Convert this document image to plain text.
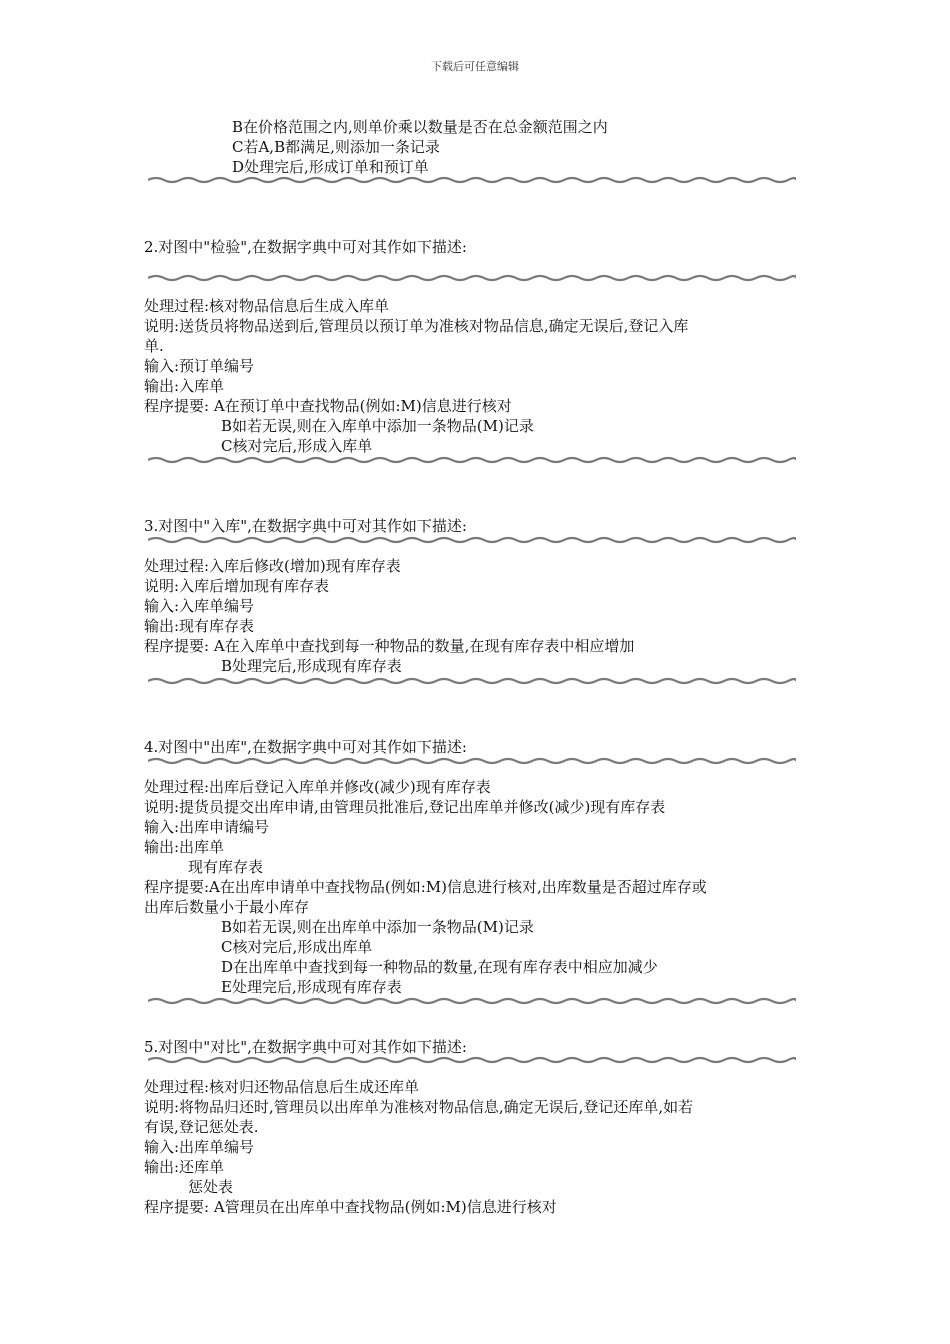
下载后可任意编辑
B在价格范围之内,则单价乘以数量是否在总金额范围之内
C若A,B都满足,则添加一条记录
D处理完后,形成订单和预订单
2.对图中"检验",在数据字典中可对其作如下描述:
处理过程:核对物品信息后生成入库单
说明:送货员将物品送到后,管理员以预订单为准核对物品信息,确定无误后,登记入库
单.
输入:预订单编号
输出:入库单
程序提要: A在预订单中查找物品(例如:M)信息进行核对
B如若无误,则在入库单中添加一条物品(M)记录
C核对完后,形成入库单
3.对图中"入库",在数据字典中可对其作如下描述:
处理过程:入库后修改(增加)现有库存表
说明:入库后增加现有库存表
输入:入库单编号
输出:现有库存表
程序提要: A在入库单中查找到每一种物品的数量,在现有库存表中相应增加
B处理完后,形成现有库存表
4.对图中"出库",在数据字典中可对其作如下描述:
处理过程:出库后登记入库单并修改(减少)现有库存表
说明:提货员提交出库申请,由管理员批准后,登记出库单并修改(减少)现有库存表
输入:出库申请编号
输出:出库单
现有库存表
程序提要:A在出库申请单中查找物品(例如:M)信息进行核对,出库数量是否超过库存或
出库后数量小于最小库存
B如若无误,则在出库单中添加一条物品(M)记录
C核对完后,形成出库单
D在出库单中查找到每一种物品的数量,在现有库存表中相应加减少
E处理完后,形成现有库存表
5.对图中"对比",在数据字典中可对其作如下描述:
处理过程:核对归还物品信息后生成还库单
说明:将物品归还时,管理员以出库单为准核对物品信息,确定无误后,登记还库单,如若
有误,登记惩处表.
输入:出库单编号
输出:还库单
惩处表
程序提要: A管理员在出库单中查找物品(例如:M)信息进行核对
